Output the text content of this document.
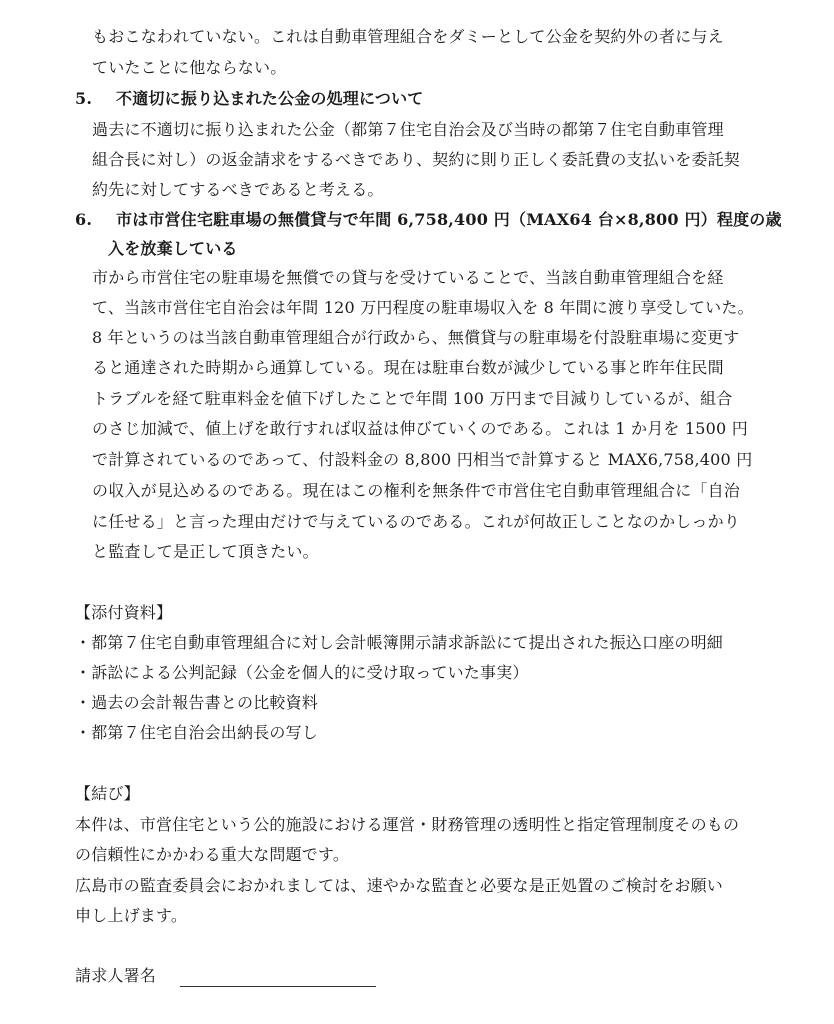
もおこなわれていない。これは自動車管理組合をダミーとして公金を契約外の者に与え
ていたことに他ならない。
5. 不適切に振り込まれた公金の処理について
過去に不適切に振り込まれた公金（都第７住宅自治会及び当時の都第７住宅自動車管理
組合長に対し）の返金請求をするべきであり、契約に則り正しく委託費の支払いを委託契
約先に対してするべきであると考える。
6. 市は市営住宅駐車場の無償貸与で年間 6,758,400 円（MAX64 台×8,800 円）程度の歳
入を放棄している
市から市営住宅の駐車場を無償での貸与を受けていることで、当該自動車管理組合を経
て、当該市営住宅自治会は年間 120 万円程度の駐車場収入を 8 年間に渡り享受していた。
8 年というのは当該自動車管理組合が行政から、無償貸与の駐車場を付設駐車場に変更す
ると通達された時期から通算している。現在は駐車台数が減少している事と昨年住民間
トラブルを経て駐車料金を値下げしたことで年間 100 万円まで目減りしているが、組合
のさじ加減で、値上げを敢行すれば収益は伸びていくのである。これは 1 か月を 1500 円
で計算されているのであって、付設料金の 8,800 円相当で計算すると MAX6,758,400 円
の収入が見込めるのである。現在はこの権利を無条件で市営住宅自動車管理組合に「自治
に任せる」と言った理由だけで与えているのである。これが何故正しことなのかしっかり
と監査して是正して頂きたい。
【添付資料】
・都第７住宅自動車管理組合に対し会計帳簿開示請求訴訟にて提出された振込口座の明細
・訴訟による公判記録（公金を個人的に受け取っていた事実）
・過去の会計報告書との比較資料
・都第７住宅自治会出納長の写し
【結び】
本件は、市営住宅という公的施設における運営・財務管理の透明性と指定管理制度そのもの
の信頼性にかかわる重大な問題です。
広島市の監査委員会におかれましては、速やかな監査と必要な是正処置のご検討をお願い
申し上げます。
請求人署名
